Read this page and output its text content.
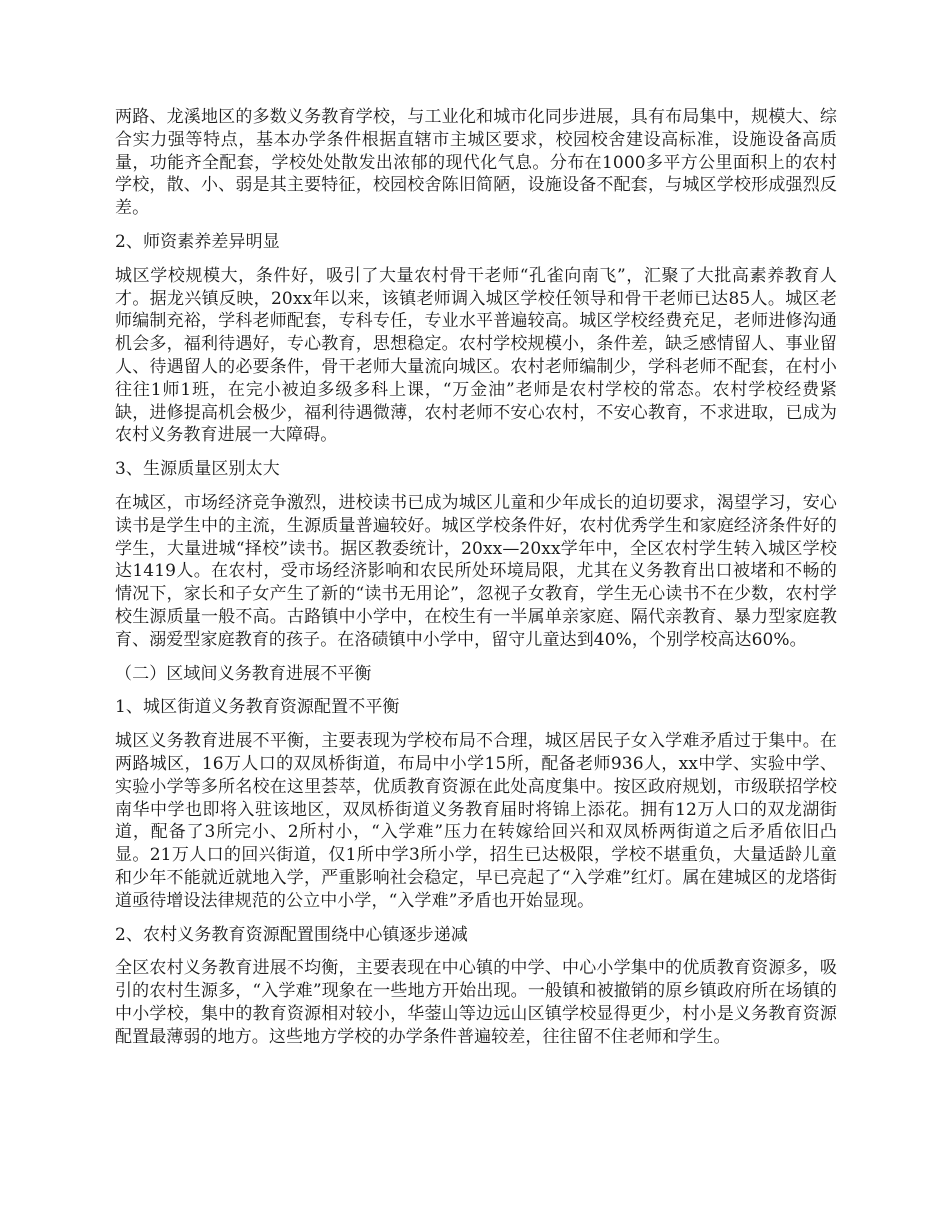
两路、龙溪地区的多数义务教育学校，与工业化和城市化同步进展，具有布局集中，规模大、综合实力强等特点，基本办学条件根据直辖市主城区要求，校园校舍建设高标准，设施设备高质量，功能齐全配套，学校处处散发出浓郁的现代化气息。分布在1000多平方公里面积上的农村学校，散、小、弱是其主要特征，校园校舍陈旧简陋，设施设备不配套，与城区学校形成强烈反差。

2、师资素养差异明显

城区学校规模大，条件好，吸引了大量农村骨干老师“孔雀向南飞”，汇聚了大批高素养教育人才。据龙兴镇反映，20xx年以来，该镇老师调入城区学校任领导和骨干老师已达85人。城区老师编制充裕，学科老师配套，专科专任，专业水平普遍较高。城区学校经费充足，老师进修沟通机会多，福利待遇好，专心教育，思想稳定。农村学校规模小，条件差，缺乏感情留人、事业留人、待遇留人的必要条件，骨干老师大量流向城区。农村老师编制少，学科老师不配套，在村小往往1师1班，在完小被迫多级多科上课，“万金油”老师是农村学校的常态。农村学校经费紧缺，进修提高机会极少，福利待遇微薄，农村老师不安心农村，不安心教育，不求进取，已成为农村义务教育进展一大障碍。

3、生源质量区别太大

在城区，市场经济竞争激烈，进校读书已成为城区儿童和少年成长的迫切要求，渴望学习，安心读书是学生中的主流，生源质量普遍较好。城区学校条件好，农村优秀学生和家庭经济条件好的学生，大量进城“择校”读书。据区教委统计，20xx—20xx学年中，全区农村学生转入城区学校达1419人。在农村，受市场经济影响和农民所处环境局限，尤其在义务教育出口被堵和不畅的情况下，家长和子女产生了新的“读书无用论”，忽视子女教育，学生无心读书不在少数，农村学校生源质量一般不高。古路镇中小学中，在校生有一半属单亲家庭、隔代亲教育、暴力型家庭教育、溺爱型家庭教育的孩子。在洛碛镇中小学中，留守儿童达到40%，个别学校高达60%。

（二）区域间义务教育进展不平衡

1、城区街道义务教育资源配置不平衡

城区义务教育进展不平衡，主要表现为学校布局不合理，城区居民子女入学难矛盾过于集中。在两路城区，16万人口的双凤桥街道，布局中小学15所，配备老师936人，xx中学、实验中学、实验小学等多所名校在这里荟萃，优质教育资源在此处高度集中。按区政府规划，市级联招学校南华中学也即将入驻该地区，双凤桥街道义务教育届时将锦上添花。拥有12万人口的双龙湖街道，配备了3所完小、2所村小，“入学难”压力在转嫁给回兴和双凤桥两街道之后矛盾依旧凸显。21万人口的回兴街道，仅1所中学3所小学，招生已达极限，学校不堪重负，大量适龄儿童和少年不能就近就地入学，严重影响社会稳定，早已亮起了“入学难”红灯。属在建城区的龙塔街道亟待增设法律规范的公立中小学，“入学难”矛盾也开始显现。

2、农村义务教育资源配置围绕中心镇逐步递减

全区农村义务教育进展不均衡，主要表现在中心镇的中学、中心小学集中的优质教育资源多，吸引的农村生源多，“入学难”现象在一些地方开始出现。一般镇和被撤销的原乡镇政府所在场镇的中小学校，集中的教育资源相对较小，华蓥山等边远山区镇学校显得更少，村小是义务教育资源配置最薄弱的地方。这些地方学校的办学条件普遍较差，往往留不住老师和学生。
